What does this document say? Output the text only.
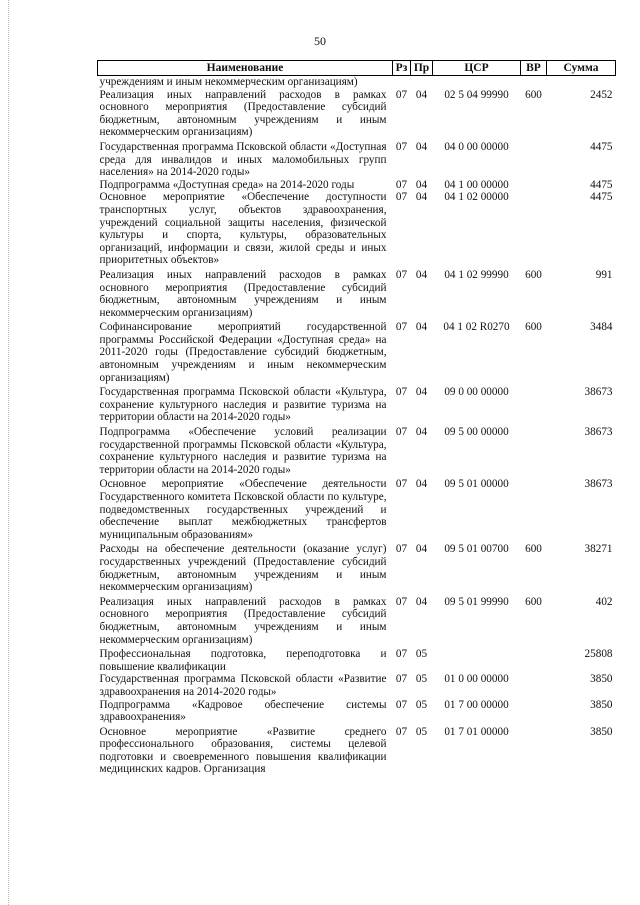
50
Наименование	Рз	Пр	ЦСР	ВР	Сумма
учреждениям и иным некоммерческим организациям)					
Реализация иных направлений расходов в рамках основного мероприятия (Предоставление субсидий бюджетным, автономным учреждениям и иным некоммерческим организациям)	07	04	02 5 04 99990	600	2452
Государственная программа Псковской области «Доступная среда для инвалидов и иных маломобильных групп населения» на 2014-2020 годы»	07	04	04 0 00 00000		4475
Подпрограмма «Доступная среда» на 2014-2020 годы	07	04	04 1 00 00000		4475
Основное мероприятие «Обеспечение доступности транспортных услуг, объектов здравоохранения, учреждений социальной защиты населения, физической культуры и спорта, культуры, образовательных организаций, информации и связи, жилой среды и иных приоритетных объектов»	07	04	04 1 02 00000		4475
Реализация иных направлений расходов в рамках основного мероприятия (Предоставление субсидий бюджетным, автономным учреждениям и иным некоммерческим организациям)	07	04	04 1 02 99990	600	991
Софинансирование мероприятий государственной программы Российской Федерации «Доступная среда» на 2011-2020 годы (Предоставление субсидий бюджетным, автономным учреждениям и иным некоммерческим организациям)	07	04	04 1 02 R0270	600	3484
Государственная программа Псковской области «Культура, сохранение культурного наследия и развитие туризма на территории области на 2014-2020 годы»	07	04	09 0 00 00000		38673
Подпрограмма «Обеспечение условий реализации государственной программы Псковской области «Культура, сохранение культурного наследия и развитие туризма на территории области на 2014-2020 годы»	07	04	09 5 00 00000		38673
Основное мероприятие «Обеспечение деятельности Государственного комитета Псковской области по культуре, подведомственных государственных учреждений и обеспечение выплат межбюджетных трансфертов муниципальным образованиям»	07	04	09 5 01 00000		38673
Расходы на обеспечение деятельности (оказание услуг) государственных учреждений (Предоставление субсидий бюджетным, автономным учреждениям и иным некоммерческим организациям)	07	04	09 5 01 00700	600	38271
Реализация иных направлений расходов в рамках основного мероприятия (Предоставление субсидий бюджетным, автономным учреждениям и иным некоммерческим организациям)	07	04	09 5 01 99990	600	402
Профессиональная подготовка, переподготовка и повышение квалификации	07	05			25808
Государственная программа Псковской области «Развитие здравоохранения на 2014-2020 годы»	07	05	01 0 00 00000		3850
Подпрограмма «Кадровое обеспечение системы здравоохранения»	07	05	01 7 00 00000		3850
Основное мероприятие «Развитие среднего профессионального образования, системы целевой подготовки и своевременного повышения квалификации медицинских кадров. Организация	07	05	01 7 01 00000		3850
